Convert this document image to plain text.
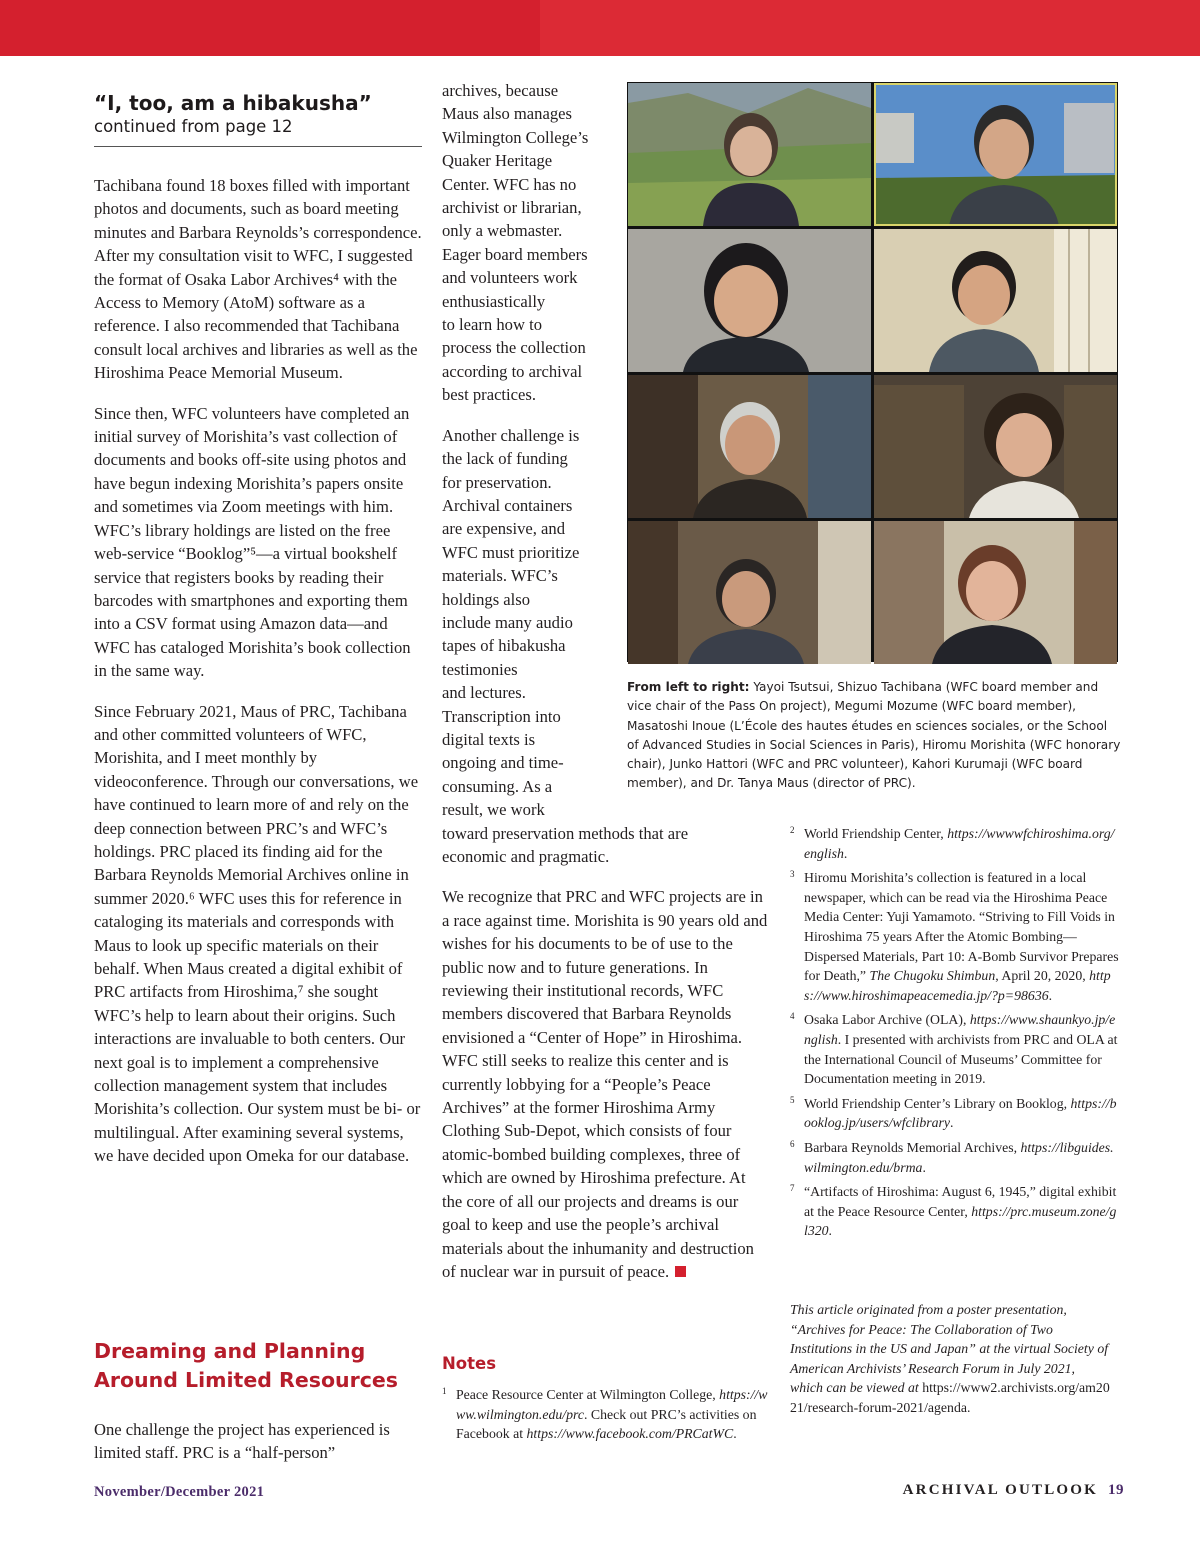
“I, too, am a hibakusha”
continued from page 12

Tachibana found 18 boxes filled with important photos and documents, such as board meeting minutes and Barbara Reynolds’s correspondence. After my consultation visit to WFC, I suggested the format of Osaka Labor Archives⁴ with the Access to Memory (AtoM) software as a reference. I also recommended that Tachibana consult local archives and libraries as well as the Hiroshima Peace Memorial Museum.

Since then, WFC volunteers have completed an initial survey of Morishita’s vast collection of documents and books off-site using photos and have begun indexing Morishita’s papers onsite and sometimes via Zoom meetings with him. WFC’s library holdings are listed on the free web-service “Booklog”⁵—a virtual bookshelf service that registers books by reading their barcodes with smartphones and exporting them into a CSV format using Amazon data—and WFC has cataloged Morishita’s book collection in the same way.

Since February 2021, Maus of PRC, Tachibana and other committed volunteers of WFC, Morishita, and I meet monthly by videoconference. Through our conversations, we have continued to learn more of and rely on the deep connection between PRC’s and WFC’s holdings. PRC placed its finding aid for the Barbara Reynolds Memorial Archives online in summer 2020.⁶ WFC uses this for reference in cataloging its materials and corresponds with Maus to look up specific materials on their behalf. When Maus created a digital exhibit of PRC artifacts from Hiroshima,⁷ she sought WFC’s help to learn about their origins. Such interactions are invaluable to both centers. Our next goal is to implement a comprehensive collection management system that includes Morishita’s collection. Our system must be bi- or multilingual. After examining several systems, we have decided upon Omeka for our database.

Dreaming and Planning
Around Limited Resources

One challenge the project has experienced is limited staff. PRC is a “half-person”

archives, because
Maus also manages
Wilmington College’s
Quaker Heritage
Center. WFC has no
archivist or librarian,
only a webmaster.
Eager board members
and volunteers work
enthusiastically
to learn how to
process the collection
according to archival
best practices.
Another challenge is
the lack of funding
for preservation.
Archival containers
are expensive, and
WFC must prioritize
materials. WFC’s
holdings also
include many audio
tapes of hibakusha
testimonies
and lectures.
Transcription into
digital texts is
ongoing and time-
consuming. As a
result, we work
toward preservation methods that are
economic and pragmatic.

We recognize that PRC and WFC projects are in a race against time. Morishita is 90 years old and wishes for his documents to be of use to the public now and to future generations. In reviewing their institutional records, WFC members discovered that Barbara Reynolds envisioned a “Center of Hope” in Hiroshima. WFC still seeks to realize this center and is currently lobbying for a “People’s Peace Archives” at the former Hiroshima Army Clothing Sub-Depot, which consists of four atomic-bombed building complexes, three of which are owned by Hiroshima prefecture. At the core of all our projects and dreams is our goal to keep and use the people’s archival materials about the inhumanity and destruction of nuclear war in pursuit of peace.

Notes
1 Peace Resource Center at Wilmington College, https://www.wilmington.edu/prc. Check out PRC’s activities on Facebook at https://www.facebook.com/PRCatWC.
2 World Friendship Center, https://wwwwfchiroshima.org/english.
3 Hiromu Morishita’s collection is featured in a local newspaper, which can be read via the Hiroshima Peace Media Center: Yuji Yamamoto. “Striving to Fill Voids in Hiroshima 75 years After the Atomic Bombing—Dispersed Materials, Part 10: A-Bomb Survivor Prepares for Death,” The Chugoku Shimbun, April 20, 2020, https://www.hiroshimapeacemedia.jp/?p=98636.
4 Osaka Labor Archive (OLA), https://www.shaunkyo.jp/english. I presented with archivists from PRC and OLA at the International Council of Museums’ Committee for Documentation meeting in 2019.
5 World Friendship Center’s Library on Booklog, https://booklog.jp/users/wfclibrary.
6 Barbara Reynolds Memorial Archives, https://libguides.wilmington.edu/brma.
7 “Artifacts of Hiroshima: August 6, 1945,” digital exhibit at the Peace Resource Center, https://prc.museum.zone/gl320.
This article originated from a poster presentation, “Archives for Peace: The Collaboration of Two Institutions in the US and Japan” at the virtual Society of American Archivists’ Research Forum in July 2021, which can be viewed at https://www2.archivists.org/am2021/research-forum-2021/agenda.
From left to right: Yayoi Tsutsui, Shizuo Tachibana (WFC board member and vice chair of the Pass On project), Megumi Mozume (WFC board member), Masatoshi Inoue (L’École des hautes études en sciences sociales, or the School of Advanced Studies in Social Sciences in Paris), Hiromu Morishita (WFC honorary chair), Junko Hattori (WFC and PRC volunteer), Kahori Kurumaji (WFC board member), and Dr. Tanya Maus (director of PRC).
November/December 2021	ARCHIVAL OUTLOOK 19
